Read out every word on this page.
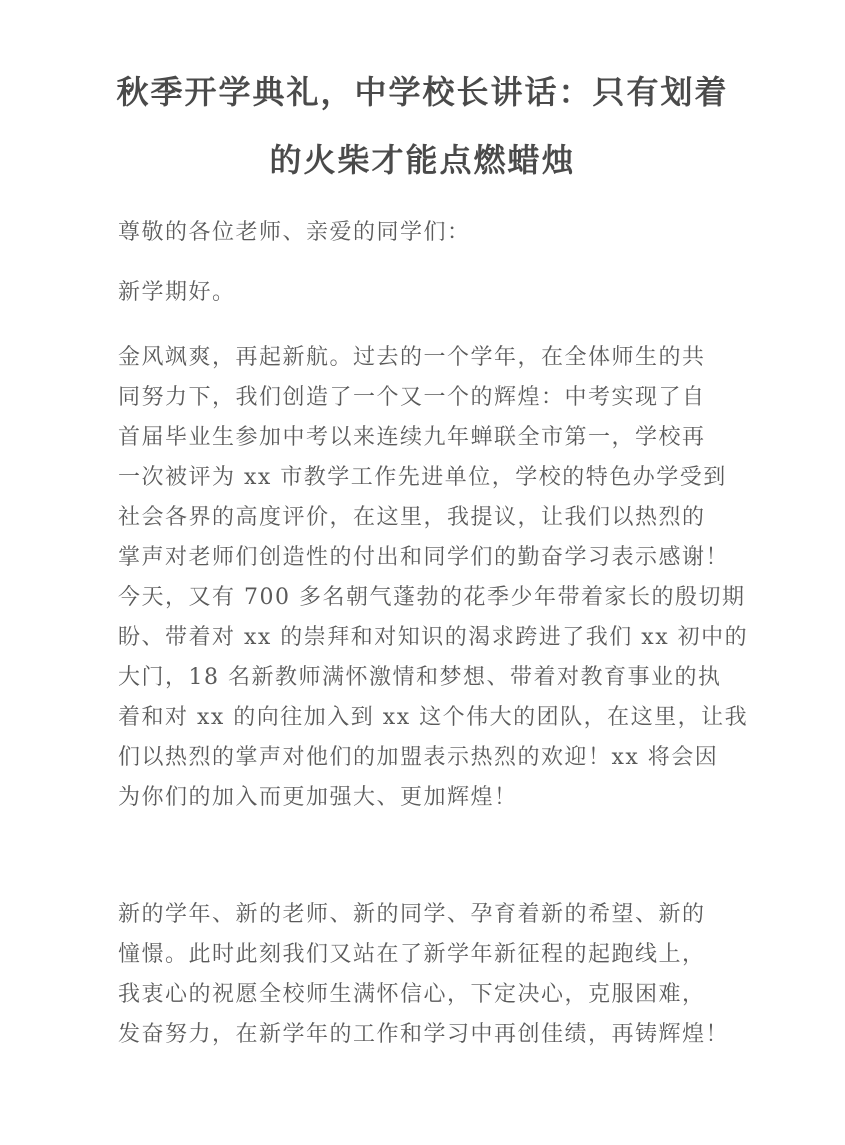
秋季开学典礼，中学校长讲话：只有划着
的火柴才能点燃蜡烛

尊敬的各位老师、亲爱的同学们：

新学期好。

金风飒爽，再起新航。过去的一个学年，在全体师生的共
同努力下，我们创造了一个又一个的辉煌：中考实现了自
首届毕业生参加中考以来连续九年蝉联全市第一，学校再
一次被评为 xx 市教学工作先进单位，学校的特色办学受到
社会各界的高度评价，在这里，我提议，让我们以热烈的
掌声对老师们创造性的付出和同学们的勤奋学习表示感谢！
今天，又有 700 多名朝气蓬勃的花季少年带着家长的殷切期
盼、带着对 xx 的崇拜和对知识的渴求跨进了我们 xx 初中的
大门，18 名新教师满怀激情和梦想、带着对教育事业的执
着和对 xx 的向往加入到 xx 这个伟大的团队，在这里，让我
们以热烈的掌声对他们的加盟表示热烈的欢迎！xx 将会因
为你们的加入而更加强大、更加辉煌！

新的学年、新的老师、新的同学、孕育着新的希望、新的
憧憬。此时此刻我们又站在了新学年新征程的起跑线上，
我衷心的祝愿全校师生满怀信心，下定决心，克服困难，
发奋努力，在新学年的工作和学习中再创佳绩，再铸辉煌！
